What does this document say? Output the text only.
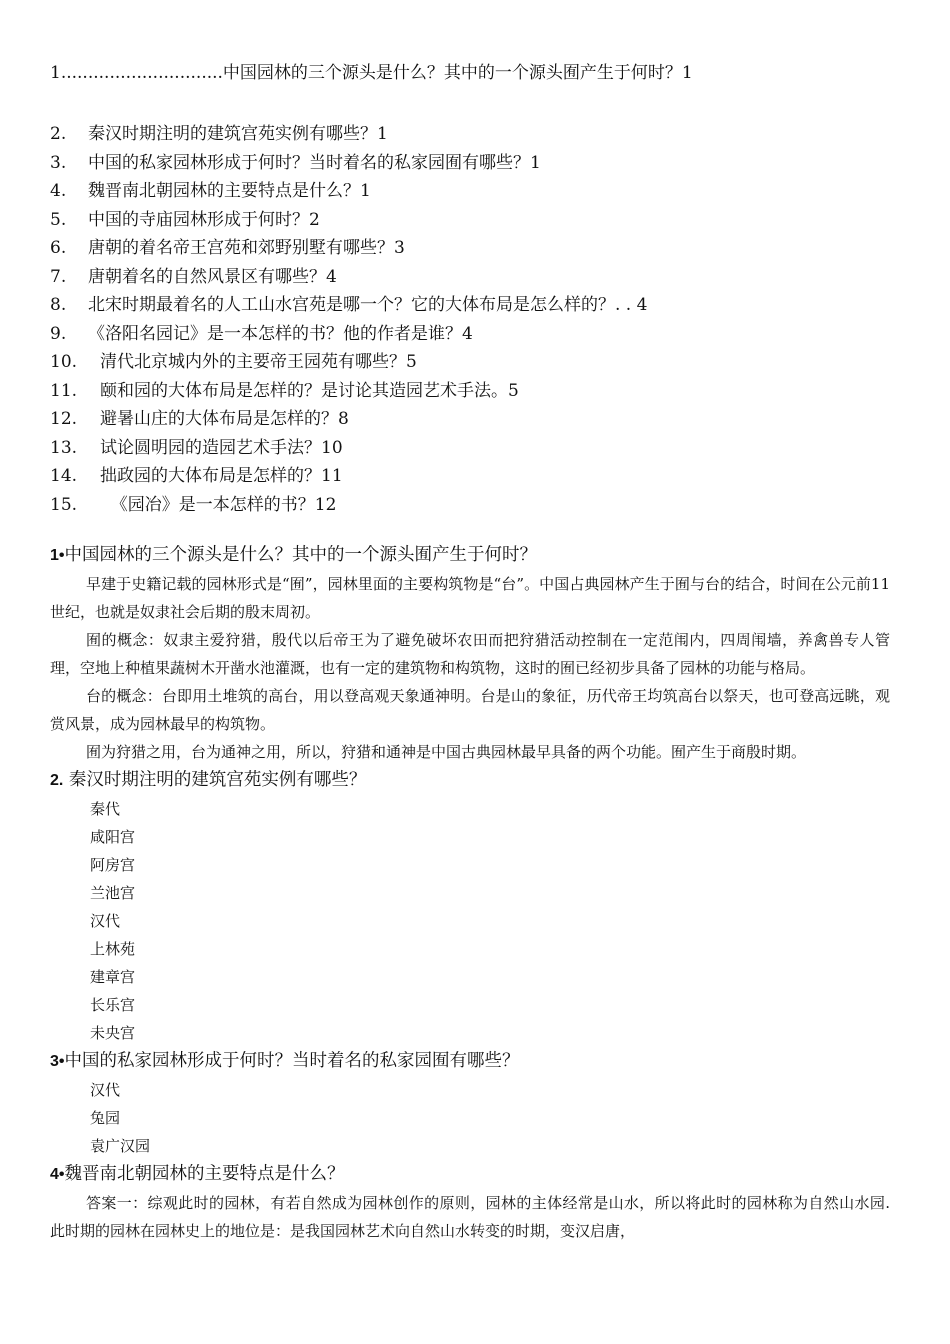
1..............................中国园林的三个源头是什么？其中的一个源头囿产生于何时？1
2. 秦汉时期注明的建筑宫苑实例有哪些？1
3. 中国的私家园林形成于何时？当时着名的私家园囿有哪些？1
4. 魏晋南北朝园林的主要特点是什么？1
5. 中国的寺庙园林形成于何时？2
6. 唐朝的着名帝王宫苑和郊野别墅有哪些？3
7. 唐朝着名的自然风景区有哪些？4
8. 北宋时期最着名的人工山水宫苑是哪一个？它的大体布局是怎么样的？. . 4
9. 《洛阳名园记》是一本怎样的书？他的作者是谁？4
10. 清代北京城内外的主要帝王园苑有哪些？5
11. 颐和园的大体布局是怎样的？是讨论其造园艺术手法。5
12. 避暑山庄的大体布局是怎样的？8
13. 试论圆明园的造园艺术手法？10
14. 拙政园的大体布局是怎样的？11
15.  《园冶》是一本怎样的书？12
1•中国园林的三个源头是什么？其中的一个源头囿产生于何时？
早建于史籍记载的园林形式是“囿”，园林里面的主要构筑物是“台”。中国占典园林产生于囿与台的结合，时间在公元前11世纪，也就是奴隶社会后期的殷末周初。
囿的概念：奴隶主爱狩猎，殷代以后帝王为了避免破坏农田而把狩猎活动控制在一定范闱内，四周闱墙，养禽兽专人管理，空地上种植果蔬树木开凿水池灌溉，也有一定的建筑物和构筑物，这时的囿已经初步具备了园林的功能与格局。
台的概念：台即用土堆筑的高台，用以登高观天象通神明。台是山的象征，历代帝王均筑高台以祭天，也可登高远眺，观赏风景，成为园林最早的构筑物。
囿为狩猎之用，台为通神之用，所以，狩猎和通神是中国古典园林最早具备的两个功能。囿产生于商殷时期。
2. 秦汉时期注明的建筑宫苑实例有哪些？
秦代
咸阳宫
阿房宫
兰池宫
汉代
上林苑
建章宫
长乐宫
未央宫
3•中国的私家园林形成于何时？当时着名的私家园囿有哪些？
汉代
兔园
袁广汉园
4•魏晋南北朝园林的主要特点是什么？
答案一：综观此时的园林，有若自然成为园林创作的原则，园林的主体经常是山水，所以将此时的园林称为自然山水园. 此时期的园林在园林史上的地位是：是我国园林艺术向自然山水转变的时期，变汉启唐，
